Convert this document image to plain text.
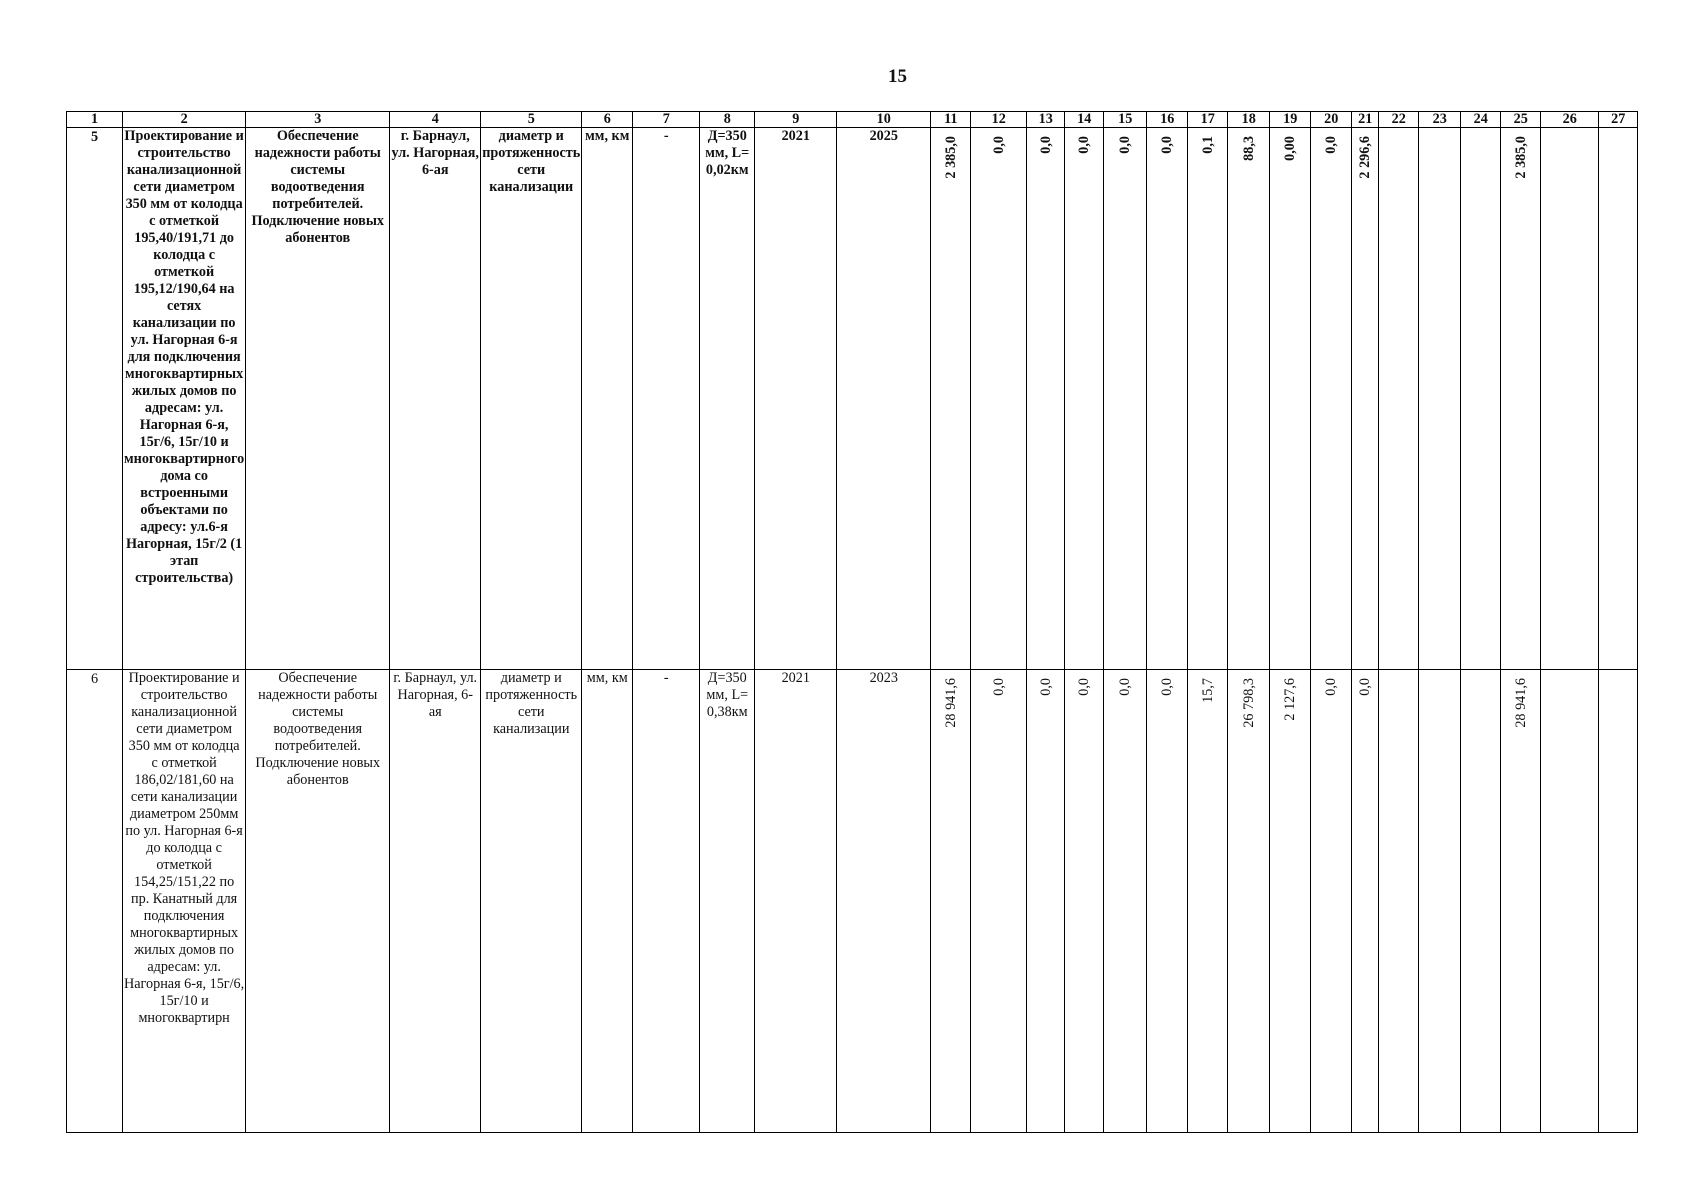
15
1	2	3	4	5	6	7	8	9	10	11	12	13	14	15	16	17	18	19	20	21	22	23	24	25	26	27
5	Проектирование и строительство канализационной сети диаметром 350 мм от колодца с отметкой 195,40/191,71 до колодца с отметкой 195,12/190,64 на сетях канализации по ул. Нагорная 6-я для подключения многоквартирных жилых домов по адресам: ул. Нагорная 6-я, 15г/6, 15г/10 и многоквартирного дома со встроенными объектами по адресу: ул.6-я Нагорная, 15г/2 (1 этап строительства)	Обеспечение надежности работы системы водоотведения потребителей. Подключение новых абонентов	г. Барнаул, ул. Нагорная, 6-ая	диаметр и протяженность сети канализации	мм, км	-	Д=350 мм, L= 0,02км	2021	2025	2 385,0	0,0	0,0	0,0	0,0	0,0	0,1	88,3	0,00	0,0	2 296,6				2 385,0		

6	Проектирование и строительство канализационной сети диаметром 350 мм от колодца с отметкой 186,02/181,60 на сети канализации диаметром 250мм по ул. Нагорная 6-я до колодца с отметкой 154,25/151,22 по пр. Канатный для подключения многоквартирных жилых домов по адресам: ул. Нагорная 6-я, 15г/6, 15г/10 и многоквартирн	Обеспечение надежности работы системы водоотведения потребителей. Подключение новых абонентов	г. Барнаул, ул. Нагорная, 6-ая	диаметр и протяженность сети канализации	мм, км	-	Д=350 мм, L= 0,38км	2021	2023	28 941,6	0,0	0,0	0,0	0,0	0,0	15,7	26 798,3	2 127,6	0,0	0,0				28 941,6		
